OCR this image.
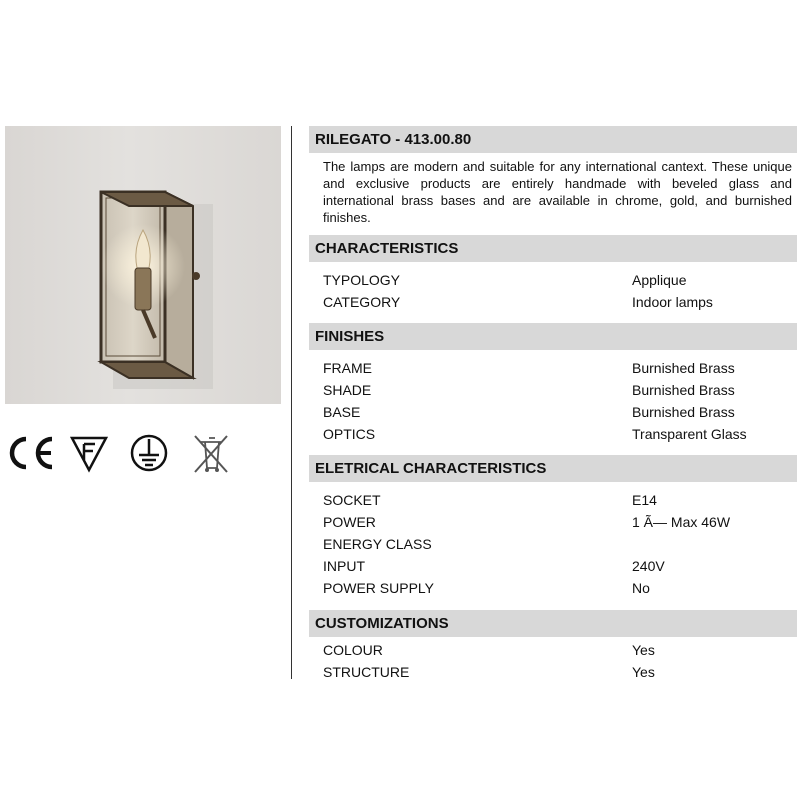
RILEGATO - 413.00.80
The lamps are modern and suitable for any international cantext. These unique and exclusive products are entirely handmade with beveled glass and international brass bases and are available in chrome, gold, and burnished finishes.
CHARACTERISTICS
TYPOLOGY	Applique
CATEGORY	Indoor lamps
FINISHES
FRAME	Burnished Brass
SHADE	Burnished Brass
BASE	Burnished Brass
OPTICS	Transparent Glass
ELETRICAL CHARACTERISTICS
SOCKET	E14
POWER	1 Ã— Max 46W
ENERGY CLASS
INPUT	240V
POWER SUPPLY	No
CUSTOMIZATIONS
COLOUR	Yes
STRUCTURE	Yes
